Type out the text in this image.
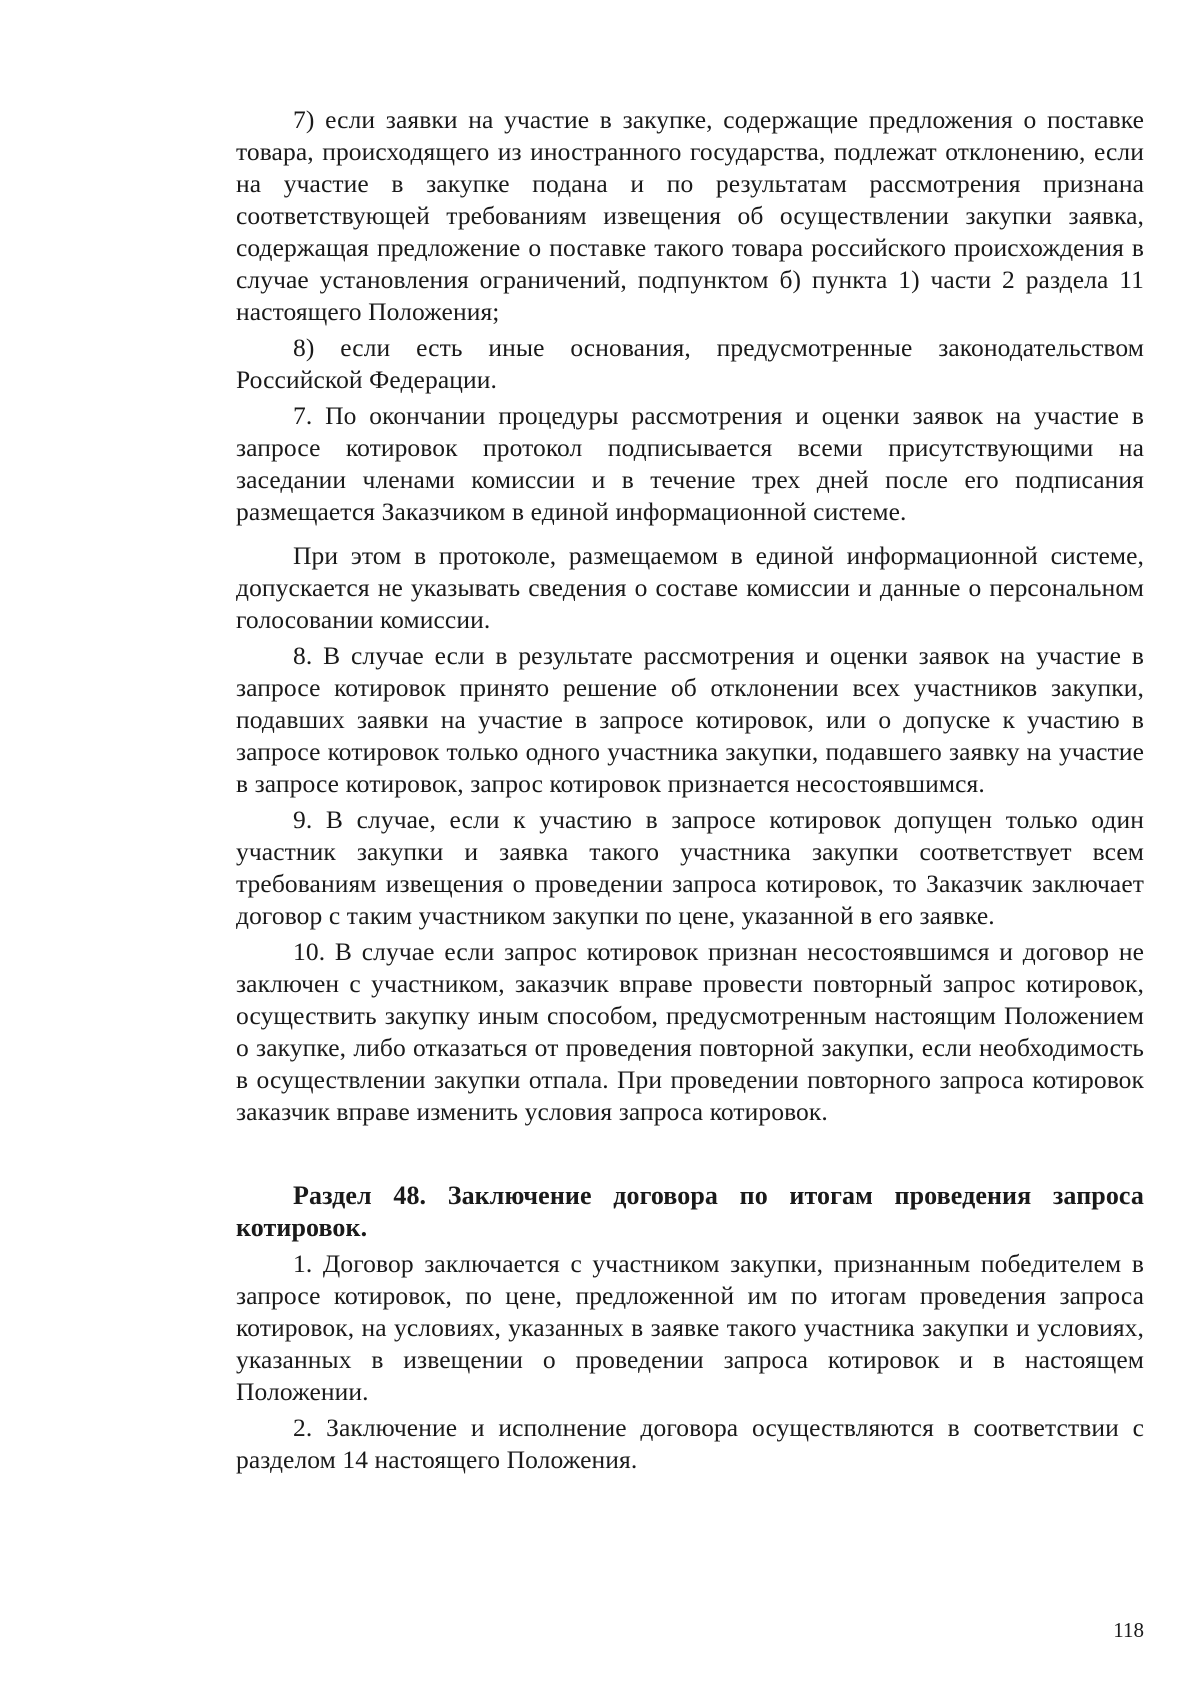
7) если заявки на участие в закупке, содержащие предложения о поставке товара, происходящего из иностранного государства, подлежат отклонению, если на участие в закупке подана и по результатам рассмотрения признана соответствующей требованиям извещения об осуществлении закупки заявка, содержащая предложение о поставке такого товара российского происхождения в случае установления ограничений, подпунктом б) пункта 1) части 2 раздела 11 настоящего Положения;

8) если есть иные основания, предусмотренные законодательством Российской Федерации.

7. По окончании процедуры рассмотрения и оценки заявок на участие в запросе котировок протокол подписывается всеми присутствующими на заседании членами комиссии и в течение трех дней после его подписания размещается Заказчиком в единой информационной системе.

При этом в протоколе, размещаемом в единой информационной системе, допускается не указывать сведения о составе комиссии и данные о персональном голосовании комиссии.

8. В случае если в результате рассмотрения и оценки заявок на участие в запросе котировок принято решение об отклонении всех участников закупки, подавших заявки на участие в запросе котировок, или о допуске к участию в запросе котировок только одного участника закупки, подавшего заявку на участие в запросе котировок, запрос котировок признается несостоявшимся.

9. В случае, если к участию в запросе котировок допущен только один участник закупки и заявка такого участника закупки соответствует всем требованиям извещения о проведении запроса котировок, то Заказчик заключает договор с таким участником закупки по цене, указанной в его заявке.

10. В случае если запрос котировок признан несостоявшимся и договор не заключен с участником, заказчик вправе провести повторный запрос котировок, осуществить закупку иным способом, предусмотренным настоящим Положением о закупке, либо отказаться от проведения повторной закупки, если необходимость в осуществлении закупки отпала. При проведении повторного запроса котировок заказчик вправе изменить условия запроса котировок.

Раздел 48. Заключение договора по итогам проведения запроса котировок.

1. Договор заключается с участником закупки, признанным победителем в запросе котировок, по цене, предложенной им по итогам проведения запроса котировок, на условиях, указанных в заявке такого участника закупки и условиях, указанных в извещении о проведении запроса котировок и в настоящем Положении.

2. Заключение и исполнение договора осуществляются в соответствии с разделом 14 настоящего Положения.

118
